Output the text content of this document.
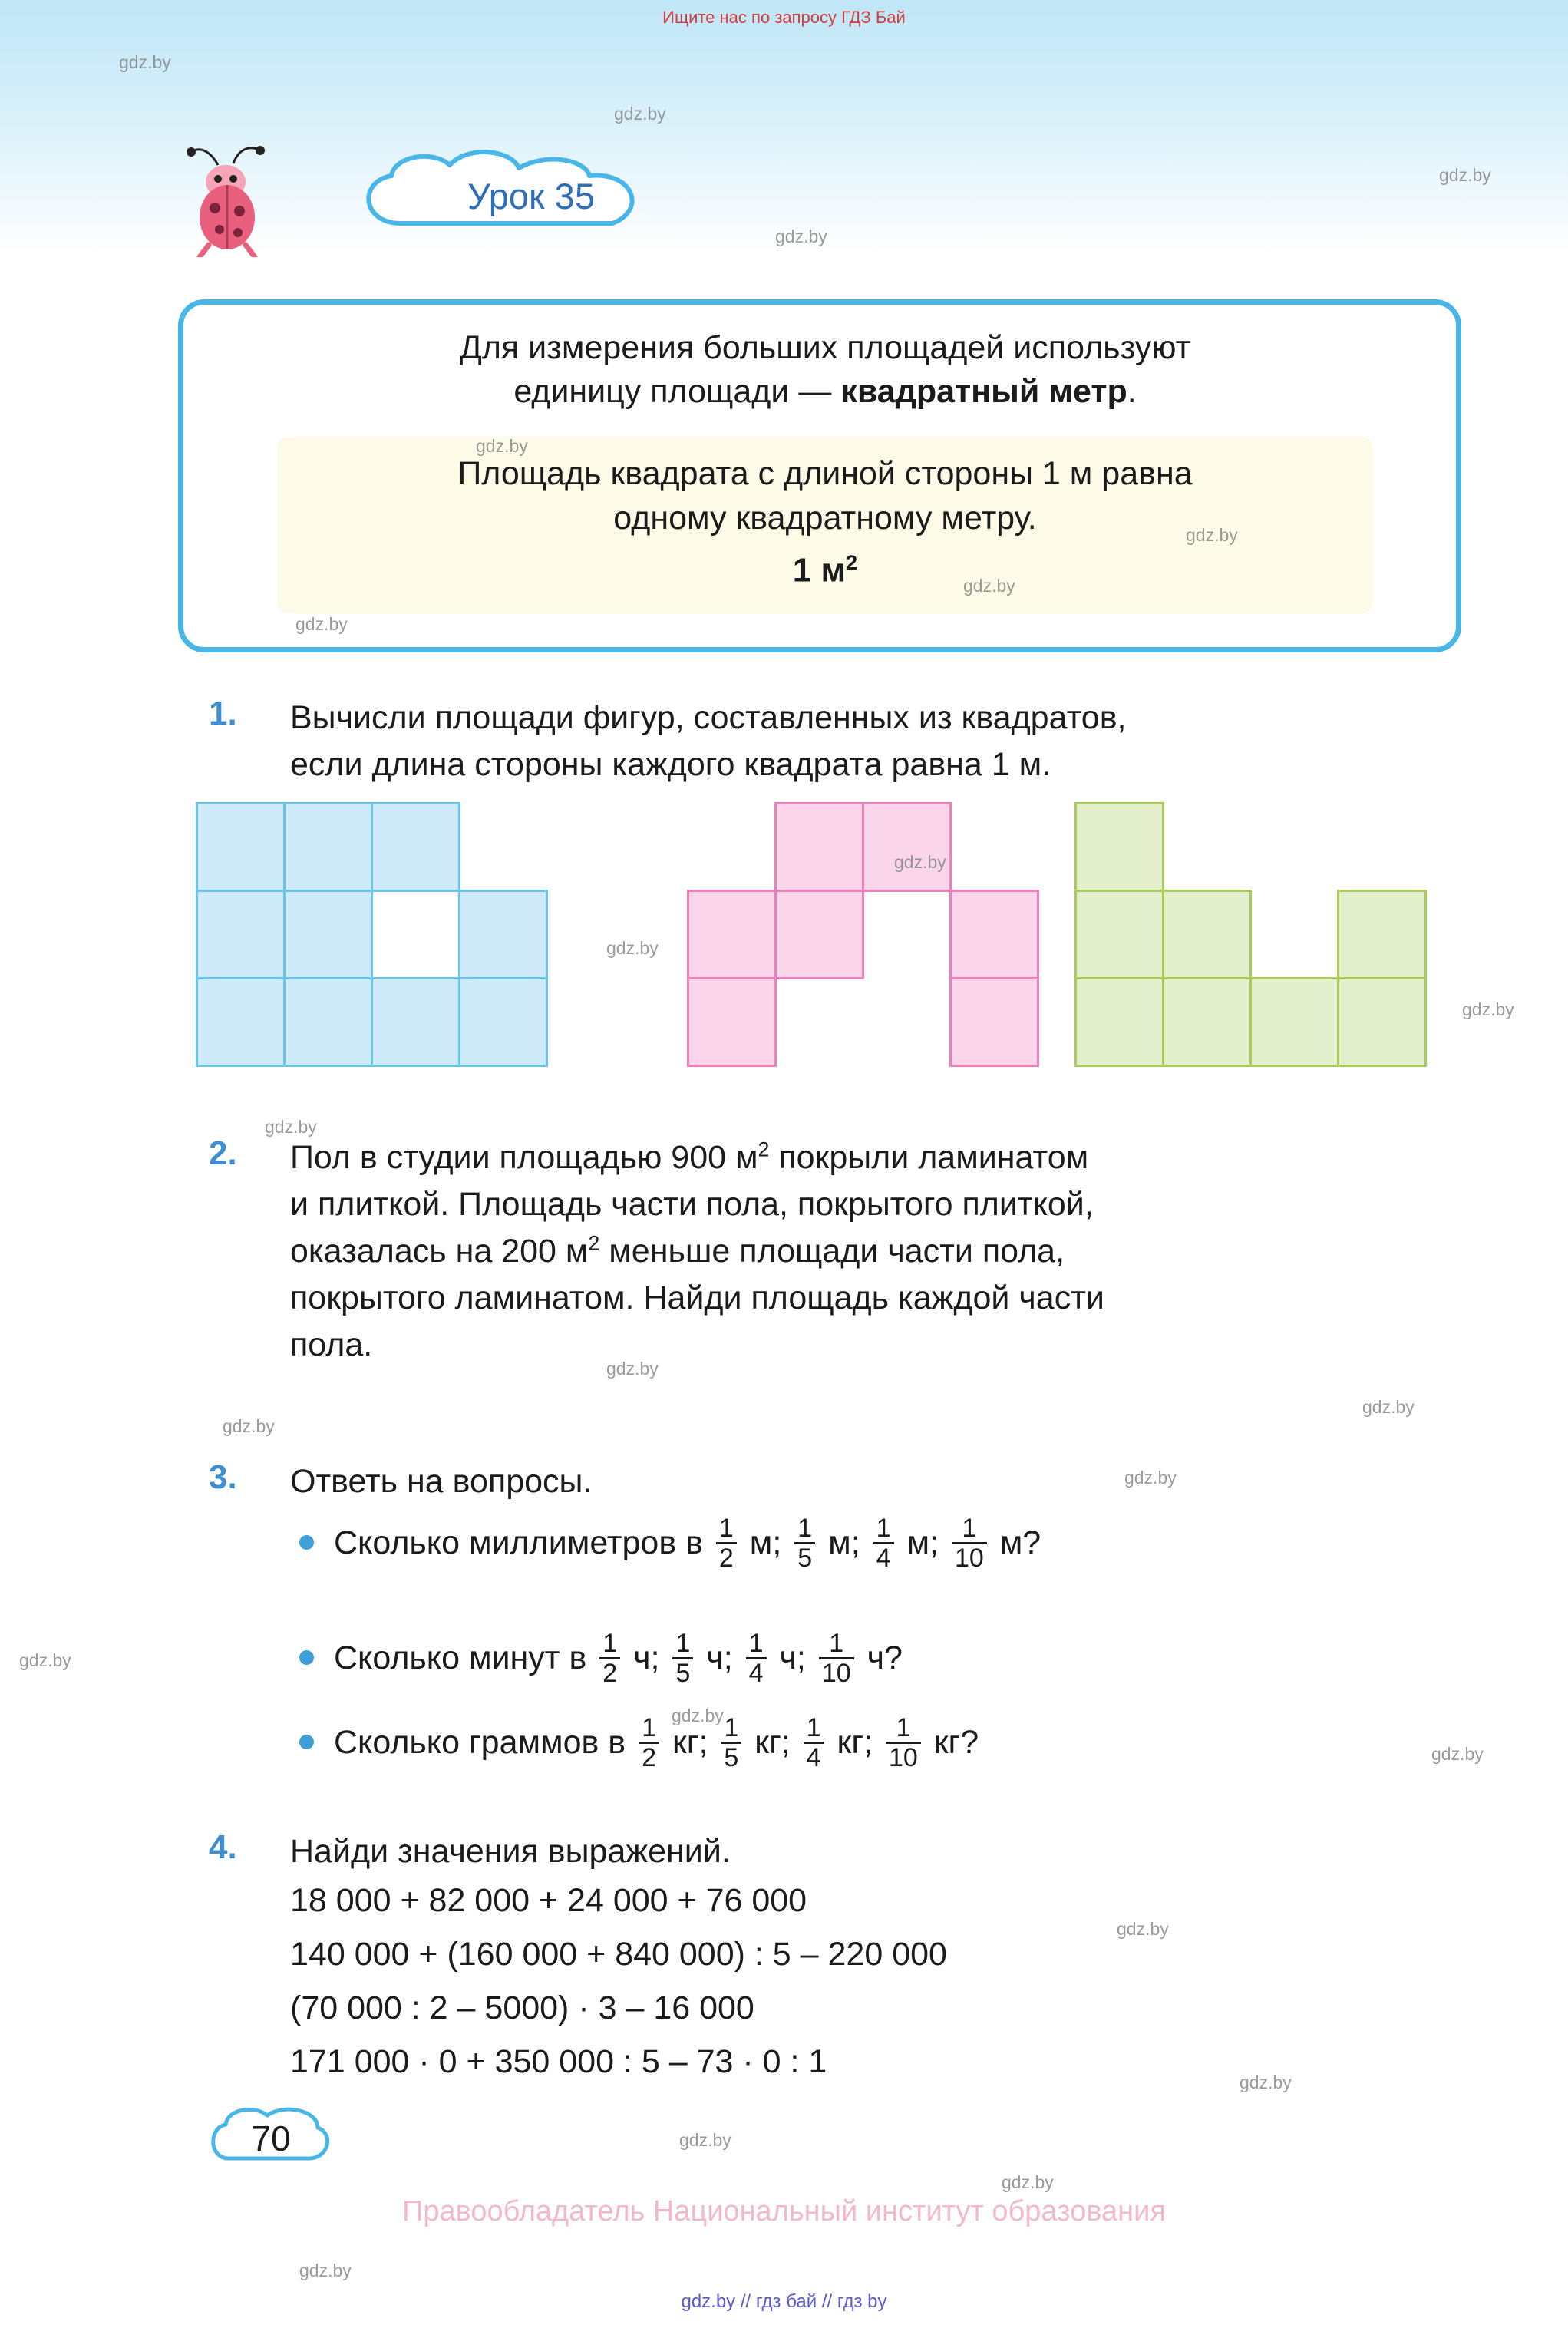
Ищите нас по запросу ГДЗ Бай
Урок 35
Для измерения больших площадей используют
единицу площади — квадратный метр.
Площадь квадрата с длиной стороны 1 м равна
одному квадратному метру.
1 $м^2$
1. Вычисли площади фигур, составленных из квадратов,
если длина стороны каждого квадрата равна 1 м.
2. Пол в студии площадью 900 $м^2$ покрыли ламинатом
и плиткой. Площадь части пола, покрытого плиткой,
оказалась на 200 $м^2$ меньше площади части пола,
покрытого ламинатом. Найди площадь каждой части
пола.
3. Ответь на вопросы.
Сколько миллиметров в $\frac{1}{2} м$; $\frac{1}{5} м$; $\frac{1}{4} м$; $\frac{1}{10} м$?
Сколько минут в $\frac{1}{2} ч$; $\frac{1}{5} ч$; $\frac{1}{4} ч$; $\frac{1}{10} ч$?
Сколько граммов в $\frac{1}{2}$ кг; $\frac{1}{5}$ кг; $\frac{1}{4}$ кг; $\frac{1}{10}$ кг?
4. Найди значения выражений.
18 000 + 82 000 + 24 000 + 76 000
140 000 + (160 000 + 840 000) : 5 – 220 000
(70 000 : 2 – 5000) · 3 – 16 000
171 000 · 0 + 350 000 : 5 – 73 · 0 : 1
70
Правообладатель Национальный институт образования
gdz.by // гдз бай // гдз by
gdz.by
gdz.by
gdz.by
gdz.by
gdz.by
gdz.by
gdz.by
gdz.by
gdz.by
gdz.by
gdz.by
gdz.by
gdz.by
gdz.by
gdz.by
gdz.by
gdz.by
gdz.by
gdz.by
gdz.by
gdz.by
gdz.by
gdz.by
gdz.by
